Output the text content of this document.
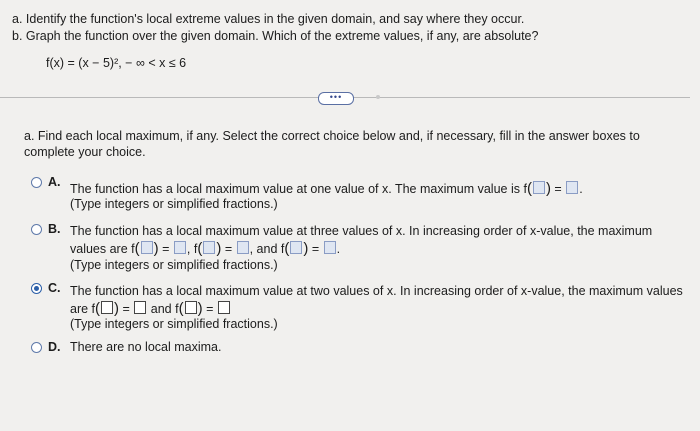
a. Identify the function's local extreme values in the given domain, and say where they occur.
b. Graph the function over the given domain. Which of the extreme values, if any, are absolute?
f(x) = (x − 5)², − ∞ < x ≤ 6
•••
a. Find each local maximum, if any. Select the correct choice below and, if necessary, fill in the answer boxes to
complete your choice.
A. The function has a local maximum value at one value of x. The maximum value is f( ) = .
(Type integers or simplified fractions.)
B. The function has a local maximum value at three values of x. In increasing order of x-value, the maximum
values are f( ) = , f( ) = , and f( ) = .
(Type integers or simplified fractions.)
C. The function has a local maximum value at two values of x. In increasing order of x-value, the maximum values
are f( ) = and f( ) =
(Type integers or simplified fractions.)
D. There are no local maxima.
